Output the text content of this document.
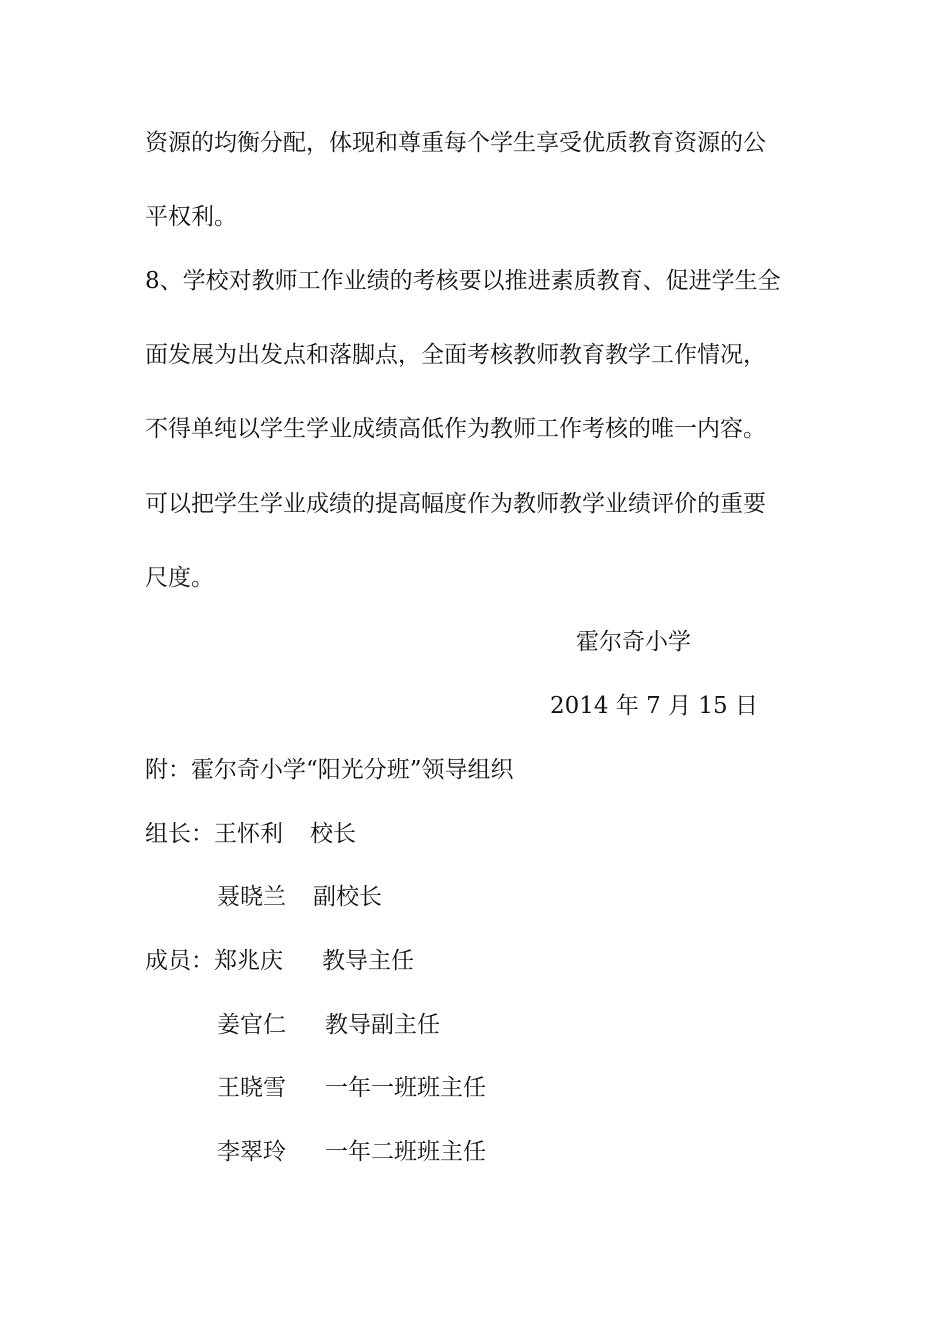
资源的均衡分配，体现和尊重每个学生享受优质教育资源的公
平权利。
8、学校对教师工作业绩的考核要以推进素质教育、促进学生全
面发展为出发点和落脚点，全面考核教师教育教学工作情况，
不得单纯以学生学业成绩高低作为教师工作考核的唯一内容。
可以把学生学业成绩的提高幅度作为教师教学业绩评价的重要
尺度。
霍尔奇小学
2014 年 7 月 15 日
附：霍尔奇小学“阳光分班”领导组织
组长：王怀利 校长
聂晓兰 副校长
成员：郑兆庆 教导主任
姜官仁 教导副主任
王晓雪 一年一班班主任
李翠玲 一年二班班主任
